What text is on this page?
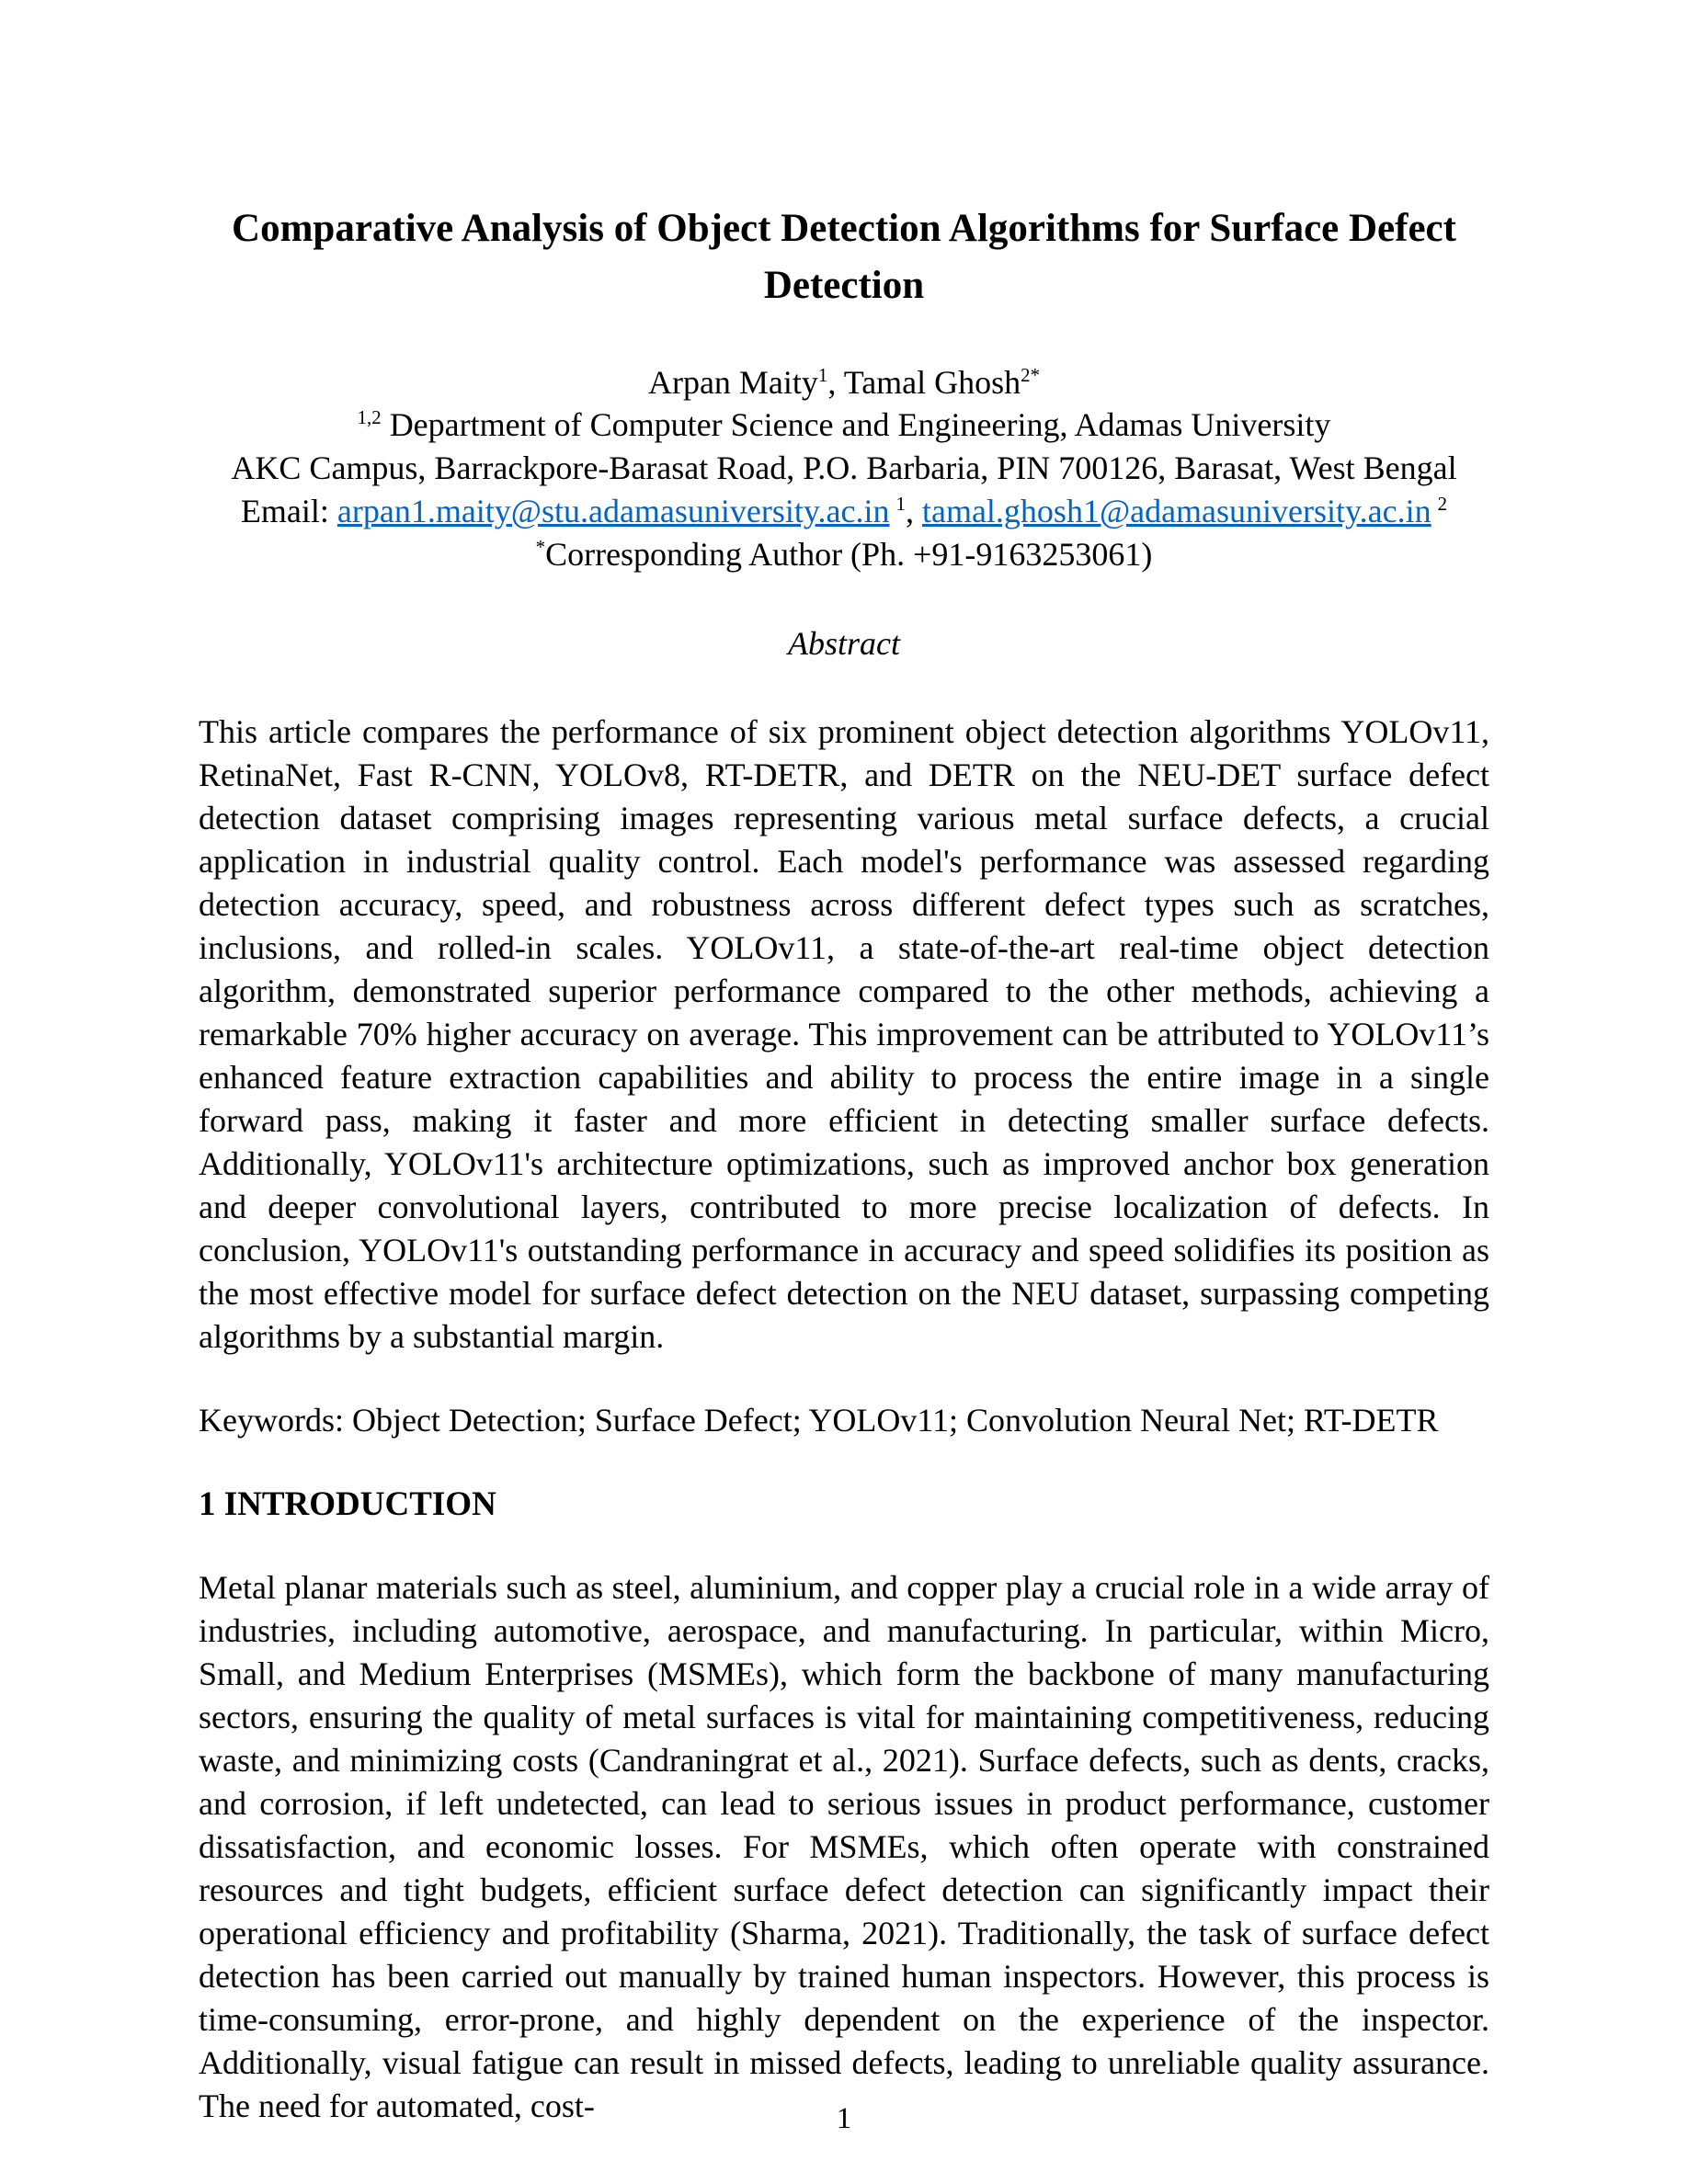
Comparative Analysis of Object Detection Algorithms for Surface Defect Detection
Arpan Maity$^1$, Tamal Ghosh$^{2*}$
$^{1,2}$ Department of Computer Science and Engineering, Adamas University
AKC Campus, Barrackpore-Barasat Road, P.O. Barbaria, PIN 700126, Barasat, West Bengal
Email: arpan1.maity@stu.adamasuniversity.ac.in $^1$, tamal.ghosh1@adamasuniversity.ac.in $^2$
*Corresponding Author (Ph. +91-9163253061)
Abstract

This article compares the performance of six prominent object detection algorithms YOLOv11, RetinaNet, Fast R-CNN, YOLOv8, RT-DETR, and DETR on the NEU-DET surface defect detection dataset comprising images representing various metal surface defects, a crucial application in industrial quality control. Each model's performance was assessed regarding detection accuracy, speed, and robustness across different defect types such as scratches, inclusions, and rolled-in scales. YOLOv11, a state-of-the-art real-time object detection algorithm, demonstrated superior performance compared to the other methods, achieving a remarkable 70% higher accuracy on average. This improvement can be attributed to YOLOv11’s enhanced feature extraction capabilities and ability to process the entire image in a single forward pass, making it faster and more efficient in detecting smaller surface defects. Additionally, YOLOv11's architecture optimizations, such as improved anchor box generation and deeper convolutional layers, contributed to more precise localization of defects. In conclusion, YOLOv11's outstanding performance in accuracy and speed solidifies its position as the most effective model for surface defect detection on the NEU dataset, surpassing competing algorithms by a substantial margin.

Keywords: Object Detection; Surface Defect; YOLOv11; Convolution Neural Net; RT-DETR

1 INTRODUCTION

Metal planar materials such as steel, aluminium, and copper play a crucial role in a wide array of industries, including automotive, aerospace, and manufacturing. In particular, within Micro, Small, and Medium Enterprises (MSMEs), which form the backbone of many manufacturing sectors, ensuring the quality of metal surfaces is vital for maintaining competitiveness, reducing waste, and minimizing costs (Candraningrat et al., 2021). Surface defects, such as dents, cracks, and corrosion, if left undetected, can lead to serious issues in product performance, customer dissatisfaction, and economic losses. For MSMEs, which often operate with constrained resources and tight budgets, efficient surface defect detection can significantly impact their operational efficiency and profitability (Sharma, 2021). Traditionally, the task of surface defect detection has been carried out manually by trained human inspectors. However, this process is time-consuming, error-prone, and highly dependent on the experience of the inspector. Additionally, visual fatigue can result in missed defects, leading to unreliable quality assurance. The need for automated, cost-	1
